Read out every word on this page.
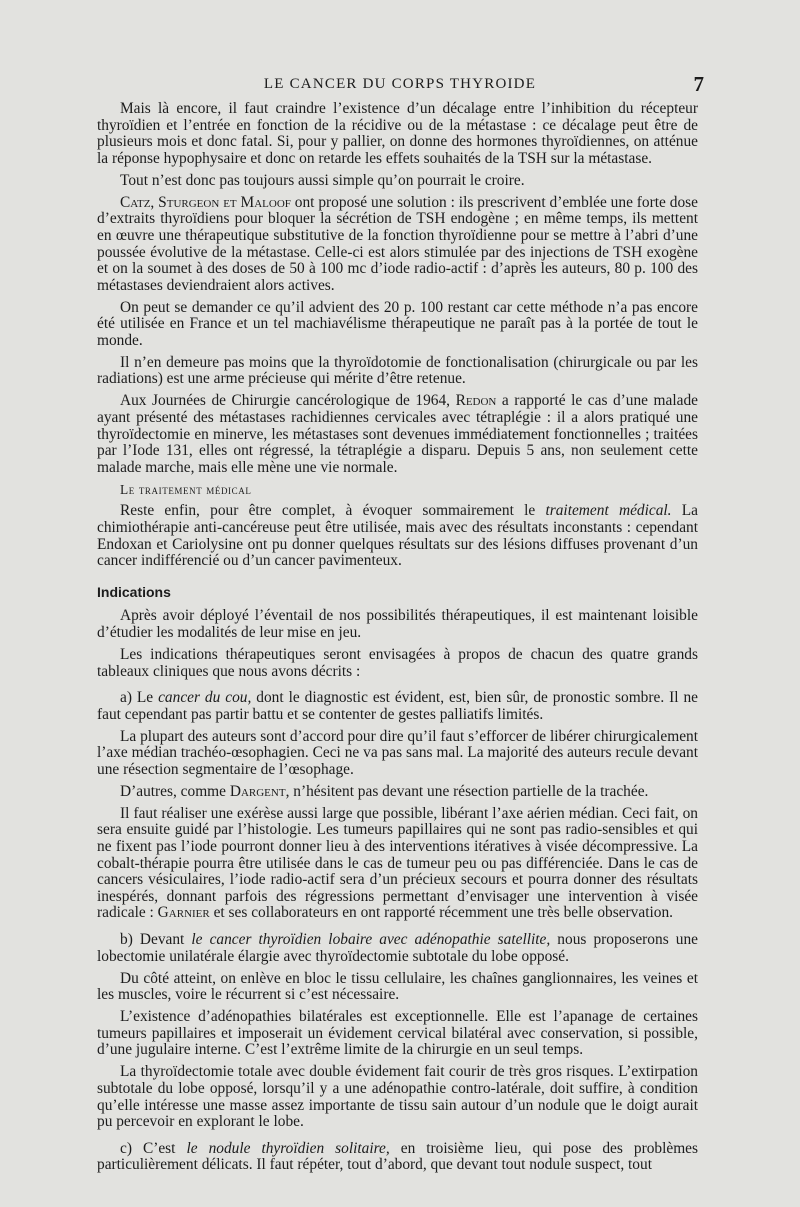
LE CANCER DU CORPS THYROIDE	7

Mais là encore, il faut craindre l’existence d’un décalage entre l’inhibition du récepteur thyroïdien et l’entrée en fonction de la récidive ou de la métastase : ce décalage peut être de plusieurs mois et donc fatal. Si, pour y pallier, on donne des hormones thyroïdiennes, on atténue la réponse hypophysaire et donc on retarde les effets souhaités de la TSH sur la métastase.

Tout n’est donc pas toujours aussi simple qu’on pourrait le croire.

Catz, Sturgeon et Maloof ont proposé une solution : ils prescrivent d’emblée une forte dose d’extraits thyroïdiens pour bloquer la sécrétion de TSH endogène ; en même temps, ils mettent en œuvre une thérapeutique substitutive de la fonction thyroïdienne pour se mettre à l’abri d’une poussée évolutive de la métastase. Celle-ci est alors stimulée par des injections de TSH exogène et on la soumet à des doses de 50 à 100 mc d’iode radio-actif : d’après les auteurs, 80 p. 100 des métastases deviendraient alors actives.

On peut se demander ce qu’il advient des 20 p. 100 restant car cette méthode n’a pas encore été utilisée en France et un tel machiavélisme thérapeutique ne paraît pas à la portée de tout le monde.

Il n’en demeure pas moins que la thyroïdotomie de fonctionalisation (chirurgicale ou par les radiations) est une arme précieuse qui mérite d’être retenue.

Aux Journées de Chirurgie cancérologique de 1964, Redon a rapporté le cas d’une malade ayant présenté des métastases rachidiennes cervicales avec tétraplégie : il a alors pratiqué une thyroïdectomie en minerve, les métastases sont devenues immédiatement fonctionnelles ; traitées par l’Iode 131, elles ont régressé, la tétraplégie a disparu. Depuis 5 ans, non seulement cette malade marche, mais elle mène une vie normale.

Le traitement médical

Reste enfin, pour être complet, à évoquer sommairement le traitement médical. La chimiothérapie anti-cancéreuse peut être utilisée, mais avec des résultats inconstants : cependant Endoxan et Cariolysine ont pu donner quelques résultats sur des lésions diffuses provenant d’un cancer indifférencié ou d’un cancer pavimenteux.

Indications

Après avoir déployé l’éventail de nos possibilités thérapeutiques, il est maintenant loisible d’étudier les modalités de leur mise en jeu.

Les indications thérapeutiques seront envisagées à propos de chacun des quatre grands tableaux cliniques que nous avons décrits :

a) Le cancer du cou, dont le diagnostic est évident, est, bien sûr, de pronostic sombre. Il ne faut cependant pas partir battu et se contenter de gestes palliatifs limités.

La plupart des auteurs sont d’accord pour dire qu’il faut s’efforcer de libérer chirurgicalement l’axe médian trachéo-œsophagien. Ceci ne va pas sans mal. La majorité des auteurs recule devant une résection segmentaire de l’œsophage.

D’autres, comme Dargent, n’hésitent pas devant une résection partielle de la trachée.

Il faut réaliser une exérèse aussi large que possible, libérant l’axe aérien médian. Ceci fait, on sera ensuite guidé par l’histologie. Les tumeurs papillaires qui ne sont pas radio-sensibles et qui ne fixent pas l’iode pourront donner lieu à des interventions itératives à visée décompressive. La cobalt-thérapie pourra être utilisée dans le cas de tumeur peu ou pas différenciée. Dans le cas de cancers vésiculaires, l’iode radio-actif sera d’un précieux secours et pourra donner des résultats inespérés, donnant parfois des régressions permettant d’envisager une intervention à visée radicale : Garnier et ses collaborateurs en ont rapporté récemment une très belle observation.

b) Devant le cancer thyroïdien lobaire avec adénopathie satellite, nous proposerons une lobectomie unilatérale élargie avec thyroïdectomie subtotale du lobe opposé.

Du côté atteint, on enlève en bloc le tissu cellulaire, les chaînes ganglionnaires, les veines et les muscles, voire le récurrent si c’est nécessaire.

L’existence d’adénopathies bilatérales est exceptionnelle. Elle est l’apanage de certaines tumeurs papillaires et imposerait un évidement cervical bilatéral avec conservation, si possible, d’une jugulaire interne. C’est l’extrême limite de la chirurgie en un seul temps.

La thyroïdectomie totale avec double évidement fait courir de très gros risques. L’extirpation subtotale du lobe opposé, lorsqu’il y a une adénopathie contro-latérale, doit suffire, à condition qu’elle intéresse une masse assez importante de tissu sain autour d’un nodule que le doigt aurait pu percevoir en explorant le lobe.

c) C’est le nodule thyroïdien solitaire, en troisième lieu, qui pose des problèmes particulièrement délicats. Il faut répéter, tout d’abord, que devant tout nodule suspect, tout
